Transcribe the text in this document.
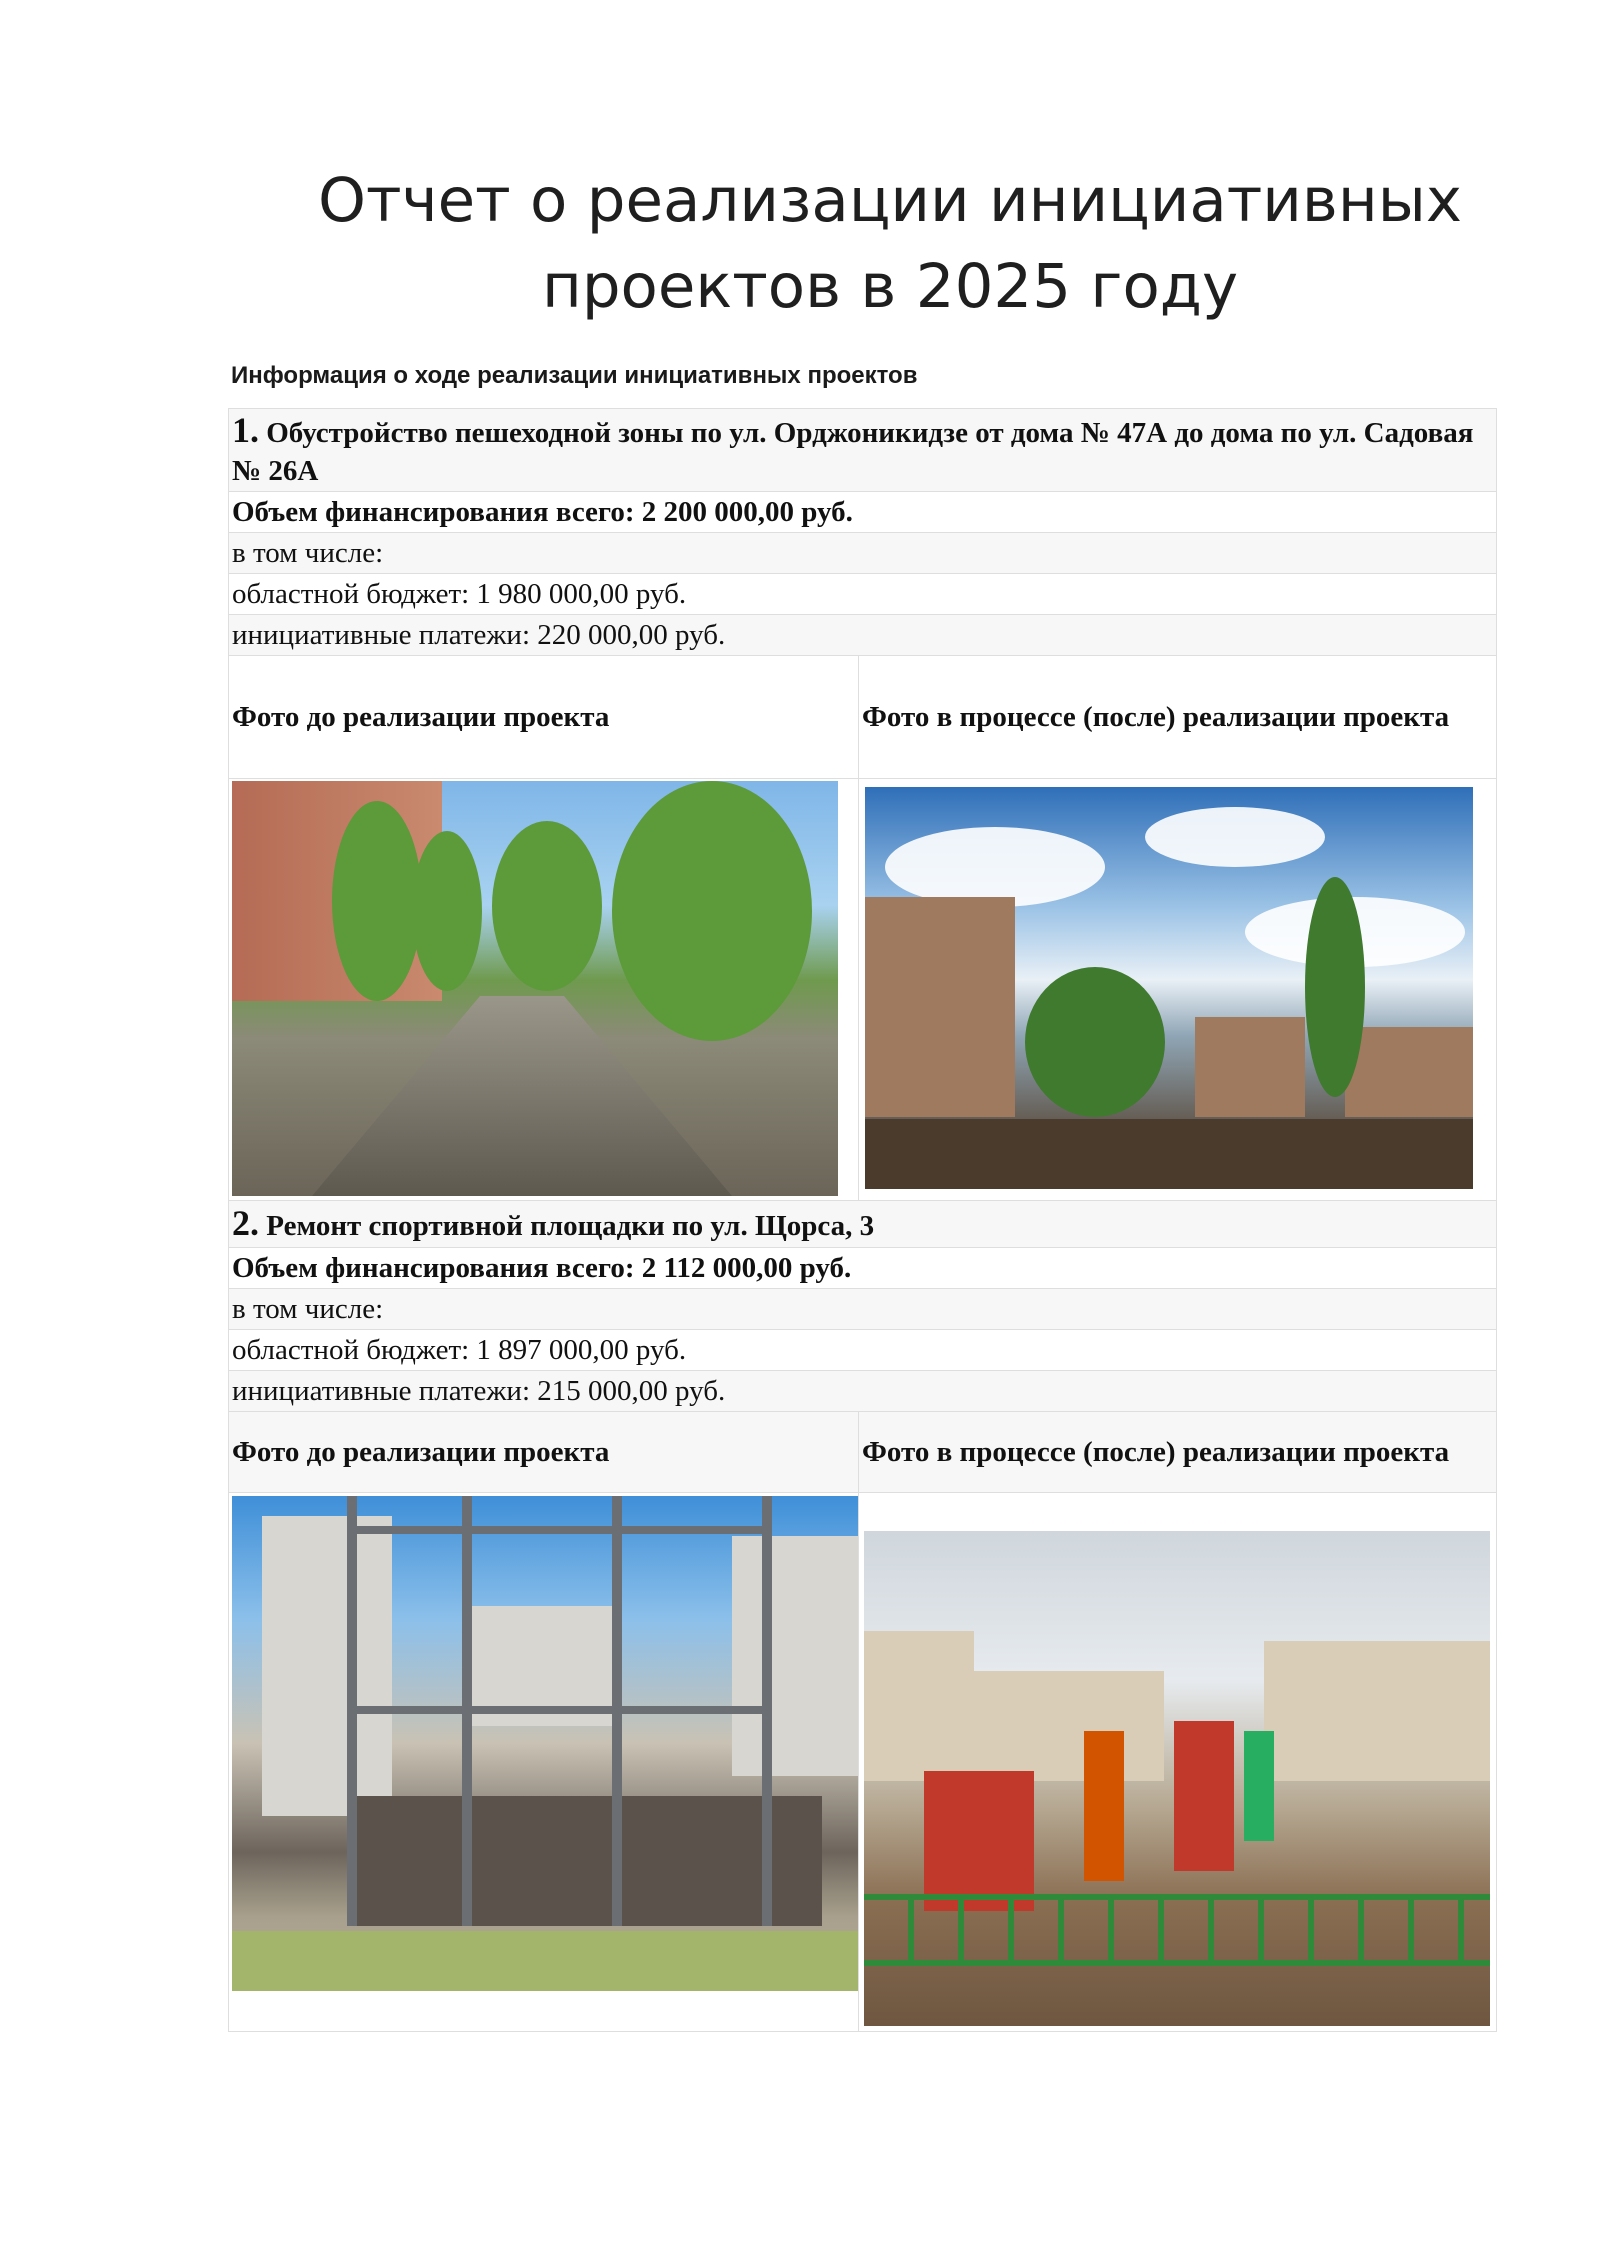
Отчет о реализации инициативных
проектов в 2025 году

Информация о ходе реализации инициативных проектов

1. Обустройство пешеходной зоны по ул. Орджоникидзе от дома № 47А до дома по ул. Садовая № 26А	
Объем финансирования всего: 2 200 000,00 руб.	
в том числе:	
областной бюджет: 1 980 000,00 руб.	
инициативные платежи: 220 000,00 руб.	
Фото до реализации проекта	Фото в процессе (после) реализации проекта

2. Ремонт спортивной площадки по ул. Щорса, 3	
Объем финансирования всего: 2 112 000,00 руб.	
в том числе:	
областной бюджет: 1 897 000,00 руб.	
инициативные платежи: 215 000,00 руб.	
Фото до реализации проекта	Фото в процессе (после) реализации проекта
